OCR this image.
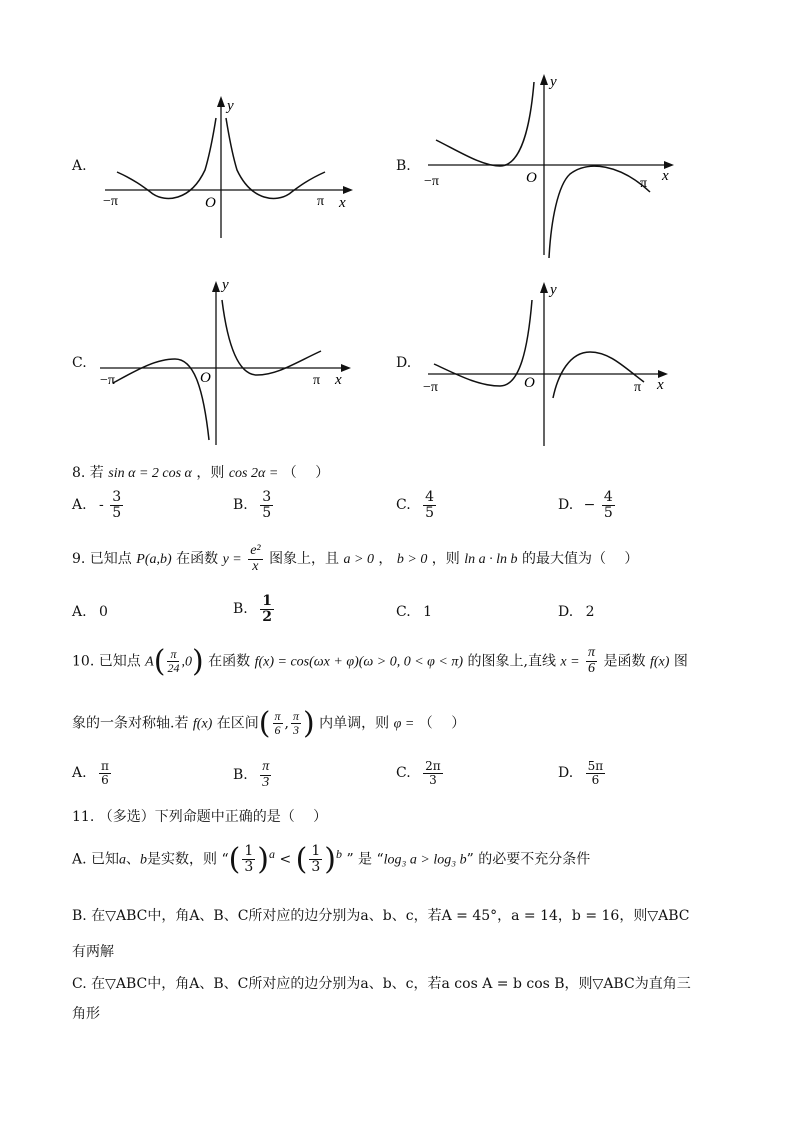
A.
−π	O	π x
y
B.
−π	O	π x
y
C.
−π	O	π x
y
D.
−π	O	π x
y
8. 若 sin α = 2 cos α ，则 cos 2α = （　 ）
A. - $\frac{3}{5}$	B. $\frac{3}{5}$	C. $\frac{4}{5}$	D. − $\frac{4}{5}$
9. 已知点 P(a,b) 在函数 $y = \frac{\text{e²}}{x}$ 图象上，且 a > 0 ， b > 0 ，则 ln a · ln b 的最大值为（　 ）
A. 0	B. $\frac{1}{2}$	C. 1	D. 2
10. 已知点 $A( \frac{\pi}{24} ,0)$ 在函数 f(x) = cos(ωx + φ)(ω > 0, 0 < φ < π) 的图象上,直线 $x = \frac{\pi}{6}$ 是函数 f(x) 图
象的一条对称轴.若 f(x) 在区间( $\frac{\pi}{6}$ , $\frac{\pi}{3}$ ) 内单调，则 φ = （　 ）
A. $\frac{\pi}{6}$	B. $\frac{\pi}{3}$	C. $\frac{2\pi}{3}$	D. $\frac{5\pi}{6}$
11. （多选）下列命题中正确的是（　 ）
A. 已知a、b是实数，则 “( $\frac{1}{3} )^a$ < ( $\frac{1}{3} )^b$ ” 是 “log₃ a > log₃ b” 的必要不充分条件
B. 在▽ABC中，角A、B、C所对应的边分别为a、b、c，若A = 45°，a = 14，b = 16，则▽ABC
有两解
C. 在▽ABC中，角A、B、C所对应的边分别为a、b、c，若a cos A = b cos B，则▽ABC为直角三
角形
